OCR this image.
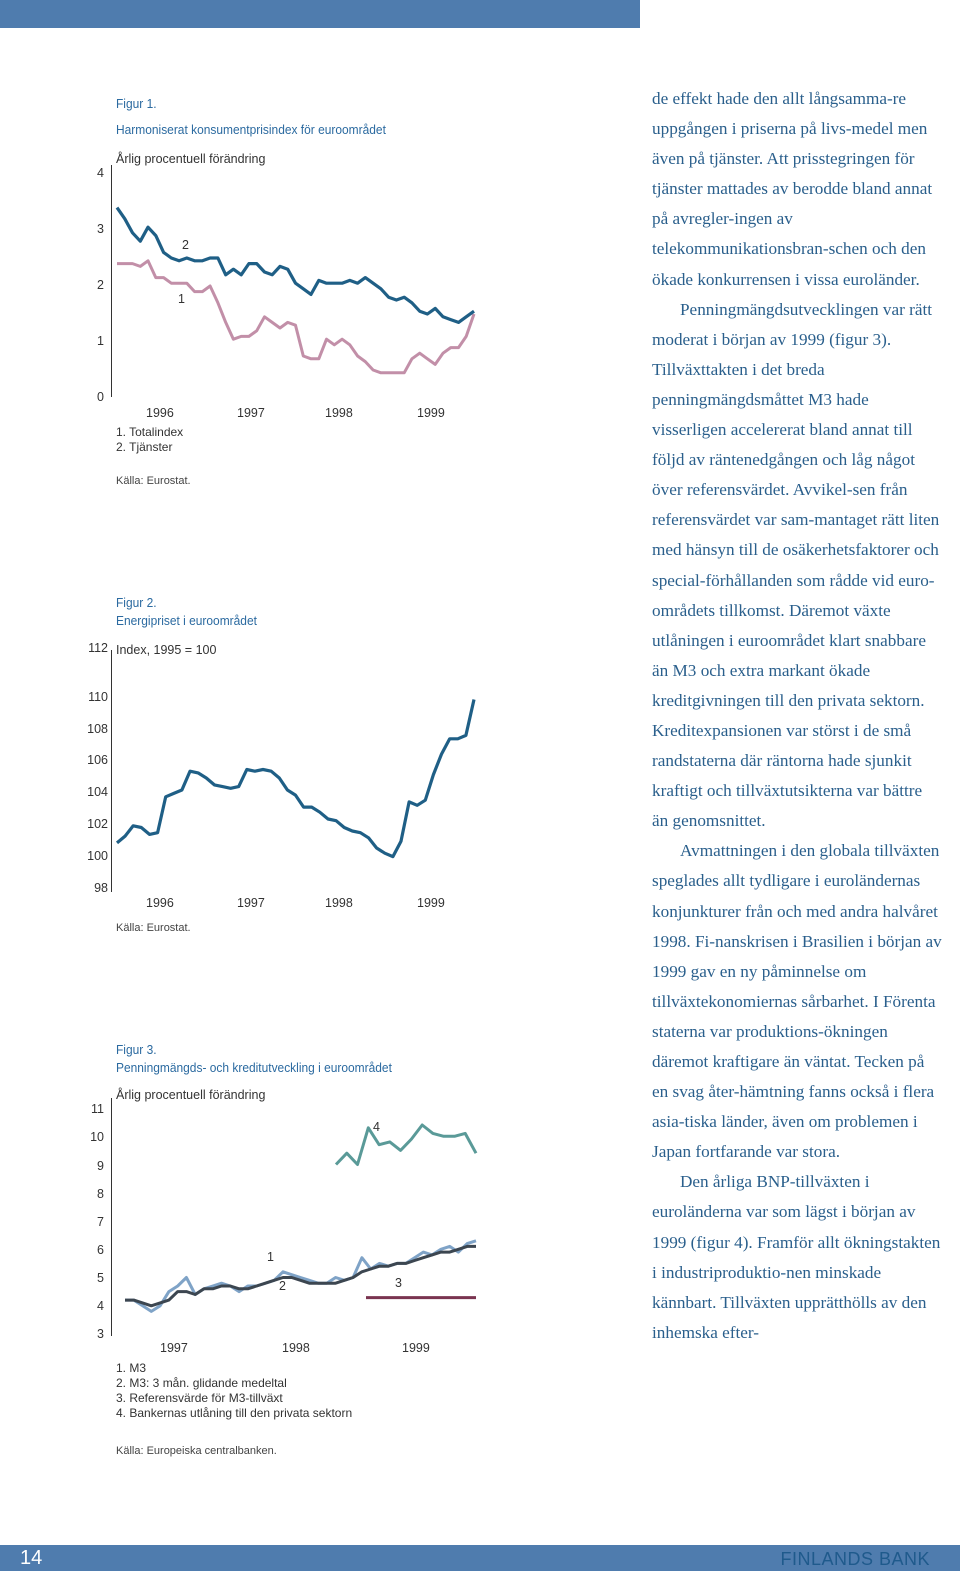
Figur 1.
Harmoniserat konsumentprisindex för euroområdet
Årlig procentuell förändring
4
3
2
1
0
1996	1997	1998	1999
2
1
1. Totalindex
2. Tjänster
Källa: Eurostat.
Figur 2.
Energipriset i euroområdet
Index, 1995 = 100
112
110
108
106
104
102
100
98
1996	1997	1998	1999
Källa: Eurostat.
Figur 3.
Penningmängds- och kreditutveckling i euroområdet
Årlig procentuell förändring
11
10
9
8
7
6
5
4
3
1997	1998	1999
4
1
2	3
1. M3
2. M3: 3 mån. glidande medeltal
3. Referensvärde för M3-tillväxt
4. Bankernas utlåning till den privata sektorn
Källa: Europeiska centralbanken.

de effekt hade den allt långsamma-re uppgången i priserna på livs-medel men även på tjänster. Att prisstegringen för tjänster mattades av berodde bland annat på avregler-ingen av telekommunikationsbran-schen och den ökade konkurrensen i vissa euroländer.

Penningmängdsutvecklingen var rätt moderat i början av 1999 (figur 3). Tillväxttakten i det breda penningmängdsmåttet M3 hade visserligen accelererat bland annat till följd av räntenedgången och låg något över referensvärdet. Avvikel-sen från referensvärdet var sam-mantaget rätt liten med hänsyn till de osäkerhetsfaktorer och special-förhållanden som rådde vid euro-områdets tillkomst. Däremot växte utlåningen i euroområdet klart snabbare än M3 och extra markant ökade kreditgivningen till den privata sektorn. Kreditexpansionen var störst i de små randstaterna där räntorna hade sjunkit kraftigt och tillväxtutsikterna var bättre än genomsnittet.

Avmattningen i den globala tillväxten speglades allt tydligare i euroländernas konjunkturer från och med andra halvåret 1998. Fi-nanskrisen i Brasilien i början av 1999 gav en ny påminnelse om tillväxtekonomiernas sårbarhet. I Förenta staterna var produktions-ökningen däremot kraftigare än väntat. Tecken på en svag åter-hämtning fanns också i flera asia-tiska länder, även om problemen i Japan fortfarande var stora.

Den årliga BNP-tillväxten i euroländerna var som lägst i början av 1999 (figur 4). Framför allt ökningstakten i industriproduktio-nen minskade kännbart. Tillväxten upprätthölls av den inhemska efter-

14	FINLANDS BANK
